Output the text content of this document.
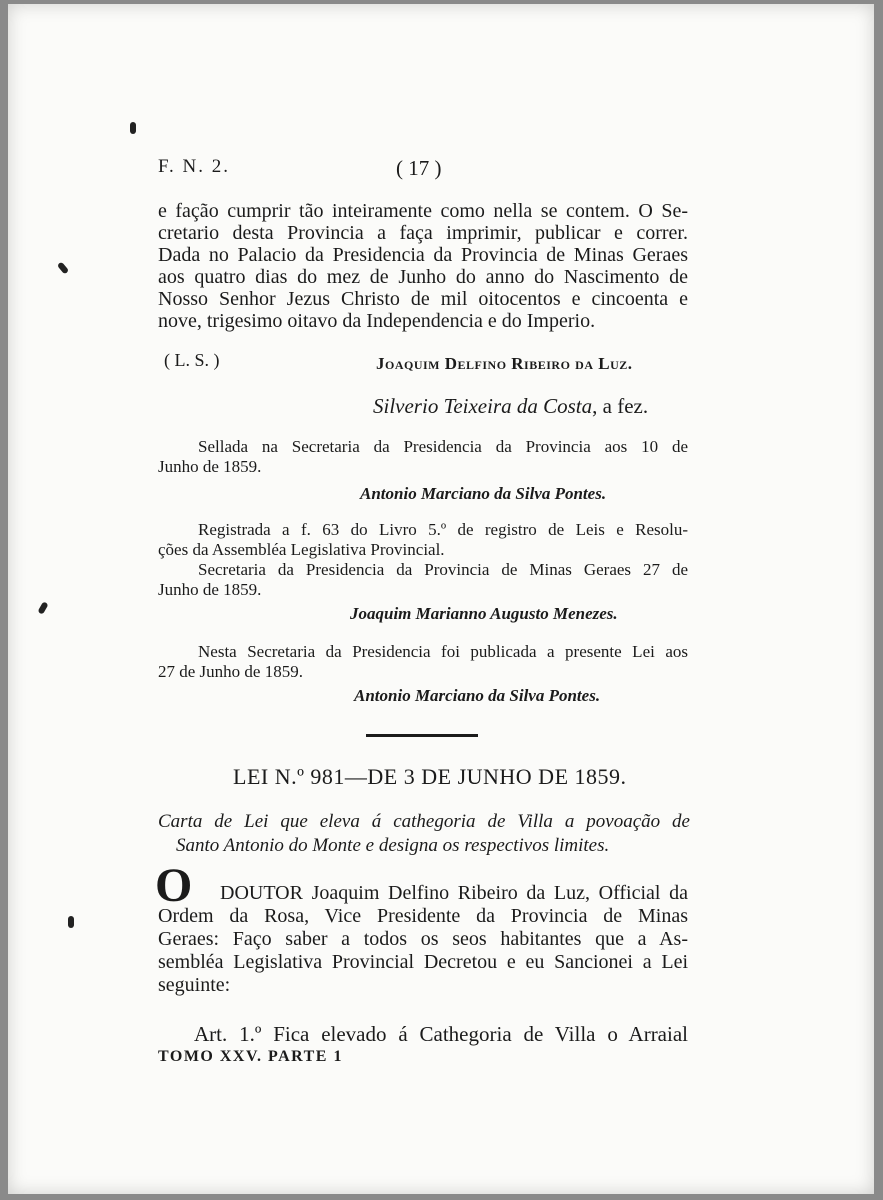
F. N. 2.	( 17 )
e fação cumprir tão inteiramente como nella se contem. O Se-
cretario desta Provincia a faça imprimir, publicar e correr.
Dada no Palacio da Presidencia da Provincia de Minas Geraes
aos quatro dias do mez de Junho do anno do Nascimento de
Nosso Senhor Jezus Christo de mil oitocentos e cincoenta e
nove, trigesimo oitavo da Independencia e do Imperio.
( L. S. )	Joaquim Delfino Ribeiro da Luz.
Silverio Teixeira da Costa, a fez.
Sellada na Secretaria da Presidencia da Provincia aos 10 de
Junho de 1859.
Antonio Marciano da Silva Pontes.
Registrada a f. 63 do Livro 5.º de registro de Leis e Resolu-
ções da Assembléa Legislativa Provincial.
Secretaria da Presidencia da Provincia de Minas Geraes 27 de
Junho de 1859.
Joaquim Marianno Augusto Menezes.
Nesta Secretaria da Presidencia foi publicada a presente Lei aos
27 de Junho de 1859.
Antonio Marciano da Silva Pontes.
LEI N.º 981—DE 3 DE JUNHO DE 1859.
Carta de Lei que eleva á cathegoria de Villa a povoação de
Santo Antonio do Monte e designa os respectivos limites.
O	DOUTOR Joaquim Delfino Ribeiro da Luz, Official da
Ordem da Rosa, Vice Presidente da Provincia de Minas
Geraes: Faço saber a todos os seos habitantes que a As-
sembléa Legislativa Provincial Decretou e eu Sancionei a Lei
seguinte:
Art. 1.º Fica elevado á Cathegoria de Villa o Arraial
TOMO XXV. PARTE 1
